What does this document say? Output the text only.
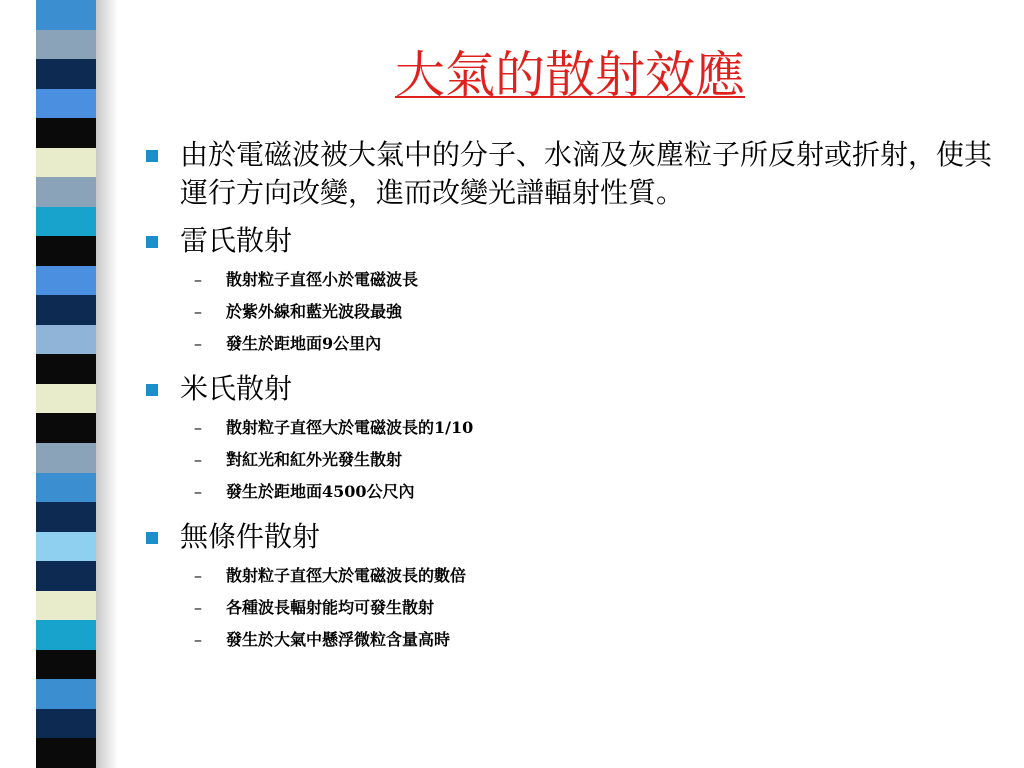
大氣的散射效應
由於電磁波被大氣中的分子、水滴及灰塵粒子所反射或折射，使其運行方向改變，進而改變光譜輻射性質。
雷氏散射
– 散射粒子直徑小於電磁波長
– 於紫外線和藍光波段最強
– 發生於距地面9公里內
米氏散射
– 散射粒子直徑大於電磁波長的1/10
– 對紅光和紅外光發生散射
– 發生於距地面4500公尺內
無條件散射
– 散射粒子直徑大於電磁波長的數倍
– 各種波長輻射能均可發生散射
– 發生於大氣中懸浮微粒含量高時
